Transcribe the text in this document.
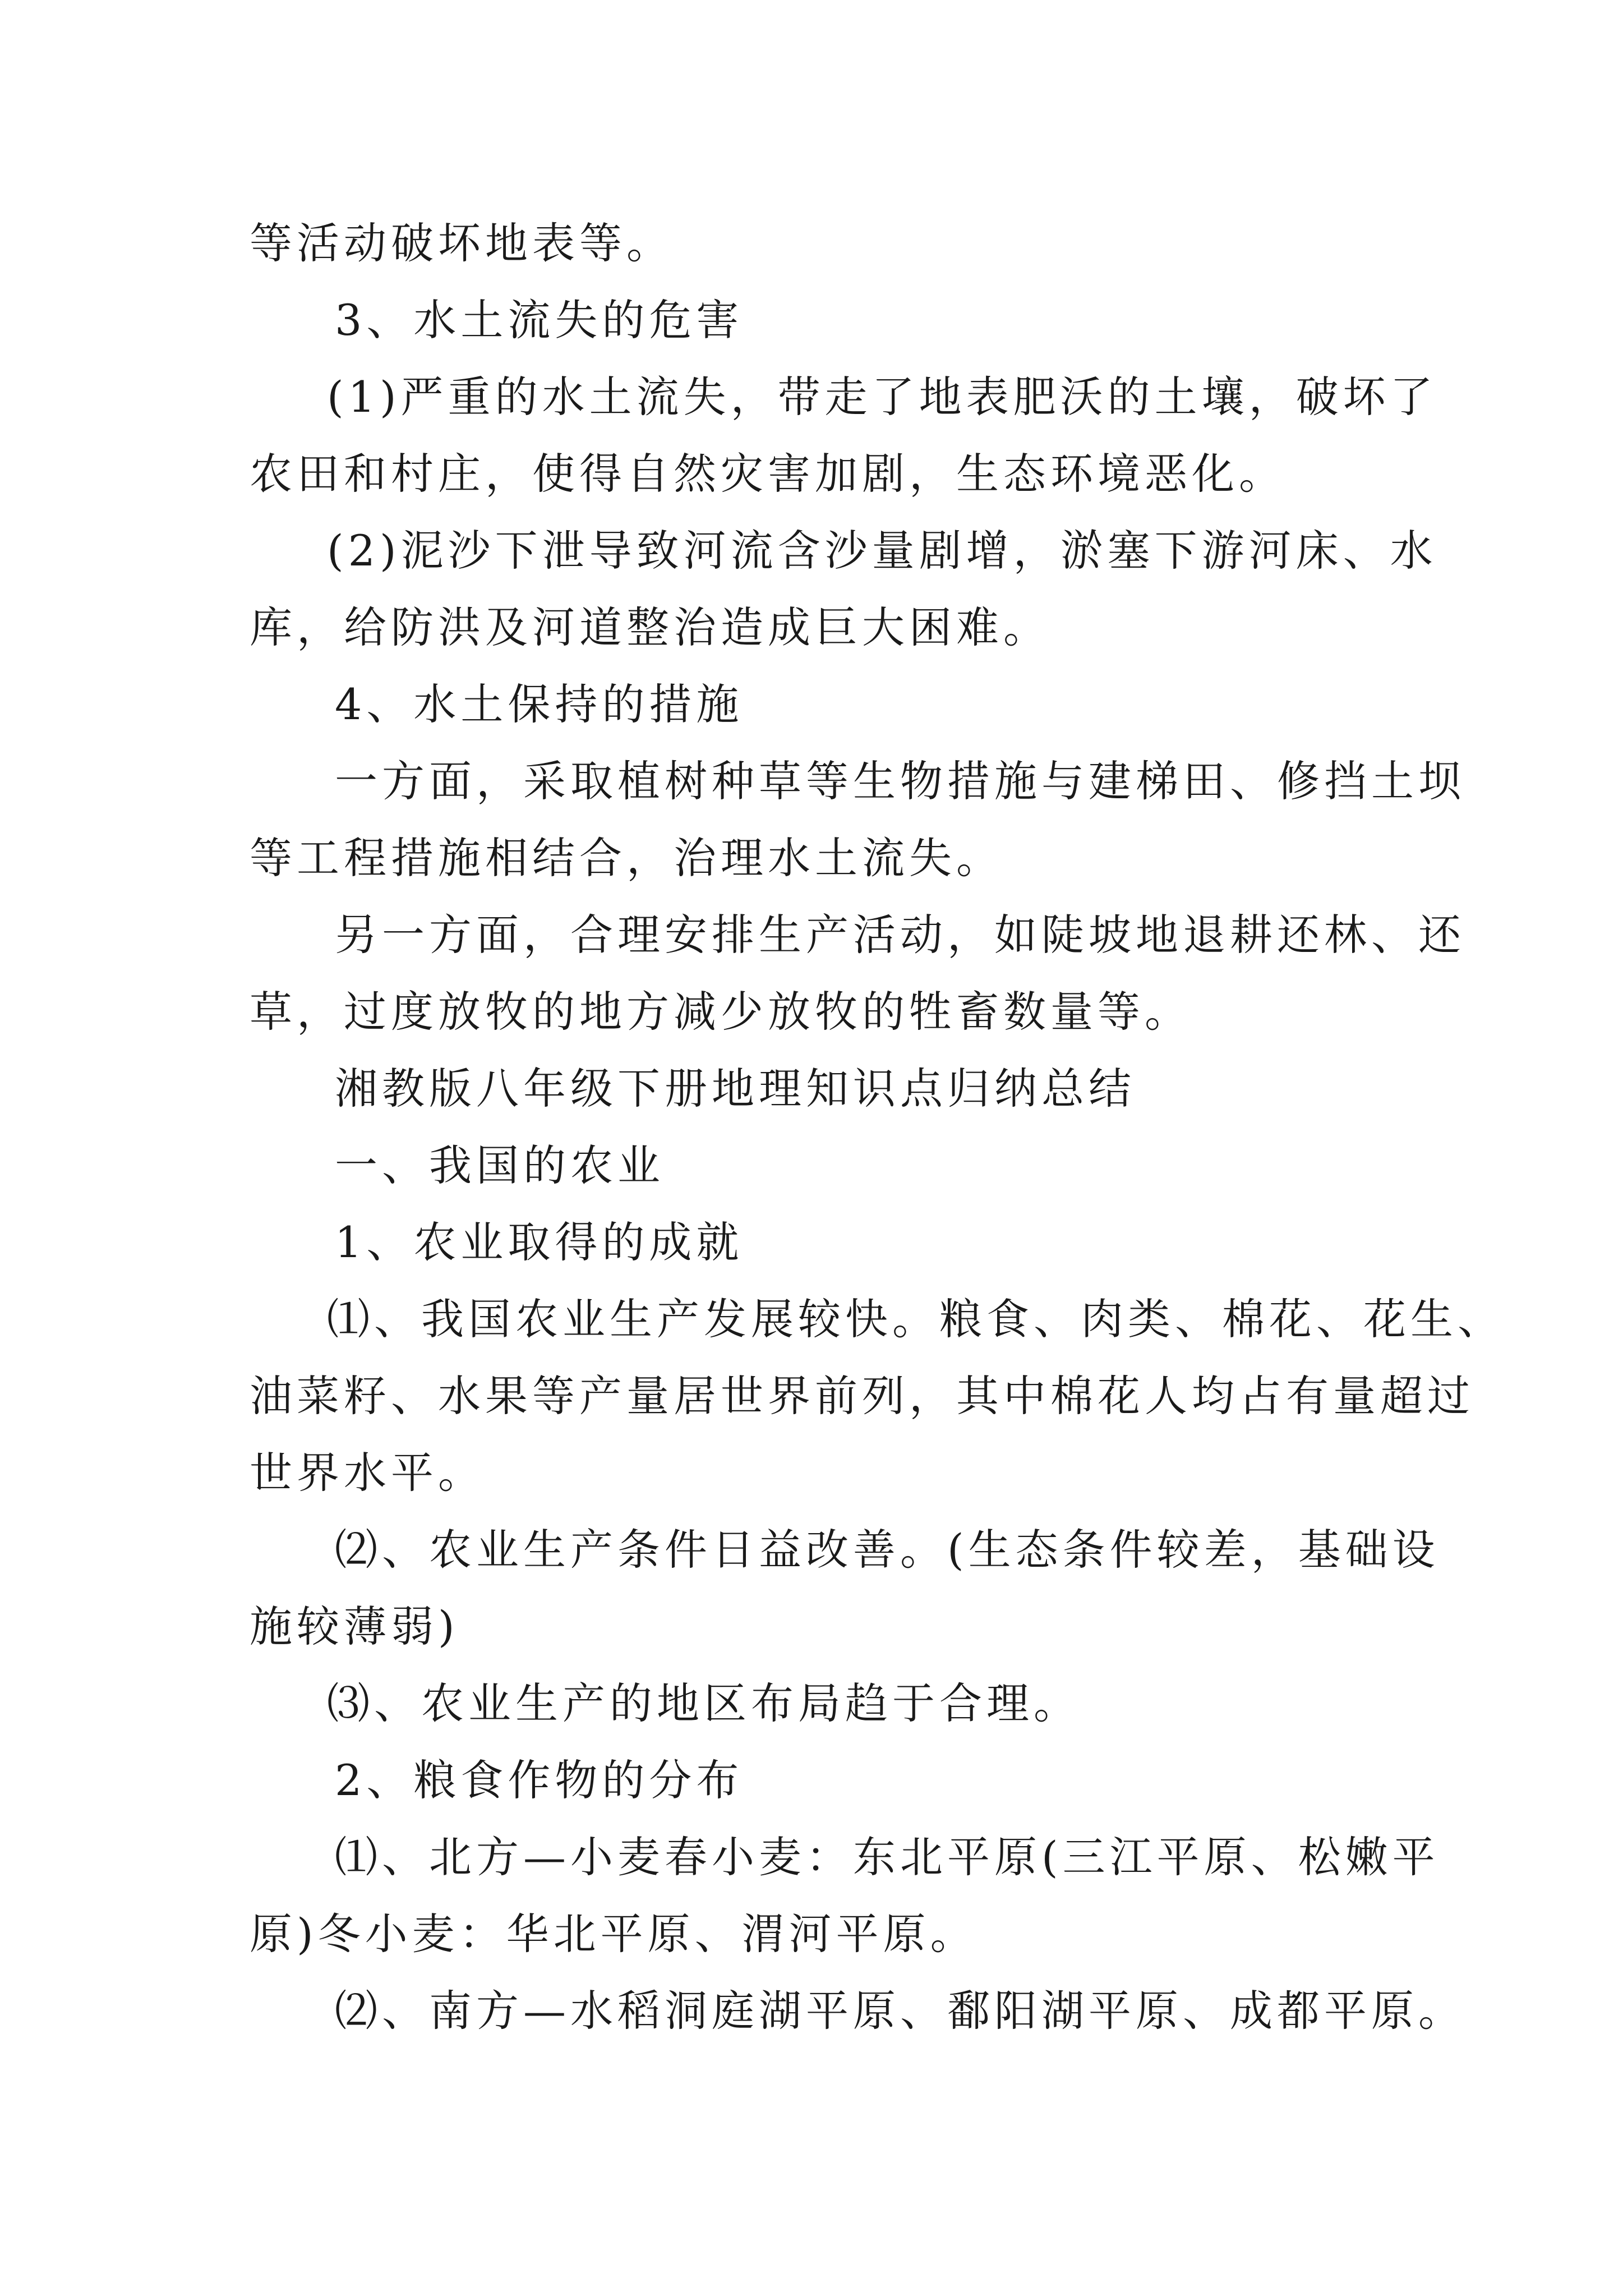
等活动破坏地表等。

3、水土流失的危害

(1)严重的水土流失，带走了地表肥沃的土壤，破坏了

农田和村庄，使得自然灾害加剧，生态环境恶化。

(2)泥沙下泄导致河流含沙量剧增，淤塞下游河床、水

库，给防洪及河道整治造成巨大困难。

4、水土保持的措施

一方面，采取植树种草等生物措施与建梯田、修挡土坝

等工程措施相结合，治理水土流失。

另一方面，合理安排生产活动，如陡坡地退耕还林、还

草，过度放牧的地方减少放牧的牲畜数量等。

湘教版八年级下册地理知识点归纳总结

一、我国的农业

1、农业取得的成就

⑴、我国农业生产发展较快。粮食、肉类、棉花、花生、

油菜籽、水果等产量居世界前列，其中棉花人均占有量超过

世界水平。

⑵、农业生产条件日益改善。(生态条件较差，基础设

施较薄弱)

⑶、农业生产的地区布局趋于合理。

2、粮食作物的分布

⑴、北方—小麦春小麦：东北平原(三江平原、松嫩平

原)冬小麦：华北平原、渭河平原。

⑵、南方—水稻洞庭湖平原、鄱阳湖平原、成都平原。
